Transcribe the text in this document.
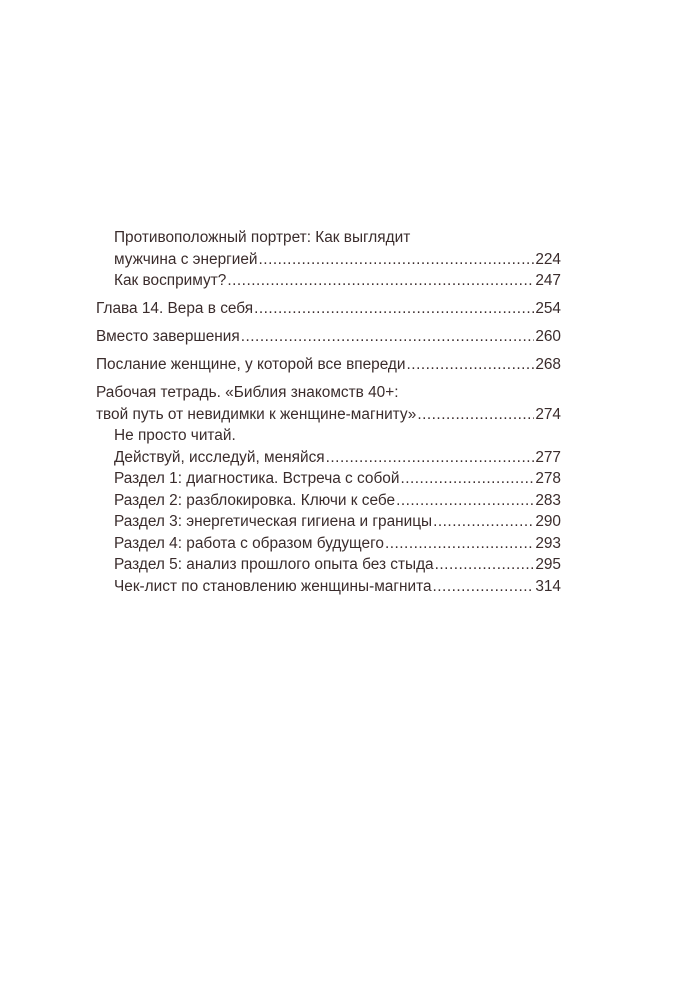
Противоположный портрет: Как выглядит
мужчина с энергией .....	224
Как воспримут? .....	247
Глава 14. Вера в себя .....	254
Вместо завершения .....	260
Послание женщине, у которой все впереди .....	268
Рабочая тетрадь. «Библия знакомств 40+:
твой путь от невидимки к женщине-магниту» .....	274
Не просто читай.
Действуй, исследуй, меняйся .....	277
Раздел 1: диагностика. Встреча с собой .....	278
Раздел 2: разблокировка. Ключи к себе .....	283
Раздел 3: энергетическая гигиена и границы .....	290
Раздел 4: работа с образом будущего .....	293
Раздел 5: анализ прошлого опыта без стыда .....	295
Чек-лист по становлению женщины-магнита .....	314
